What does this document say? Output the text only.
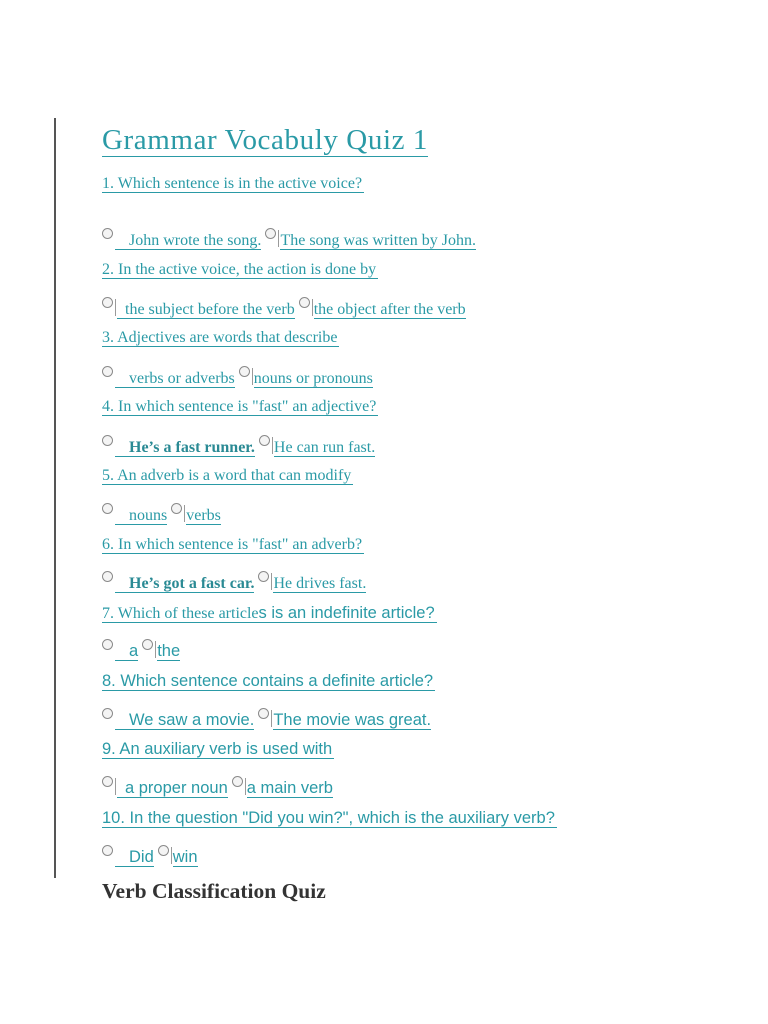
Grammar Vocabuly Quiz 1
1. Which sentence is in the active voice?
John wrote the song. The song was written by John.
2. In the active voice, the action is done by
the subject before the verb the object after the verb
3. Adjectives are words that describe
verbs or adverbs nouns or pronouns
4. In which sentence is "fast" an adjective?
He’s a fast runner. He can run fast.
5. An adverb is a word that can modify
nouns verbs
6. In which sentence is "fast" an adverb?
He’s got a fast car. He drives fast.
7. Which of these articles is an indefinite article?
a the
8. Which sentence contains a definite article?
We saw a movie. The movie was great.
9. An auxiliary verb is used with
a proper noun a main verb
10. In the question "Did you win?", which is the auxiliary verb?
Did win
Verb Classification Quiz
